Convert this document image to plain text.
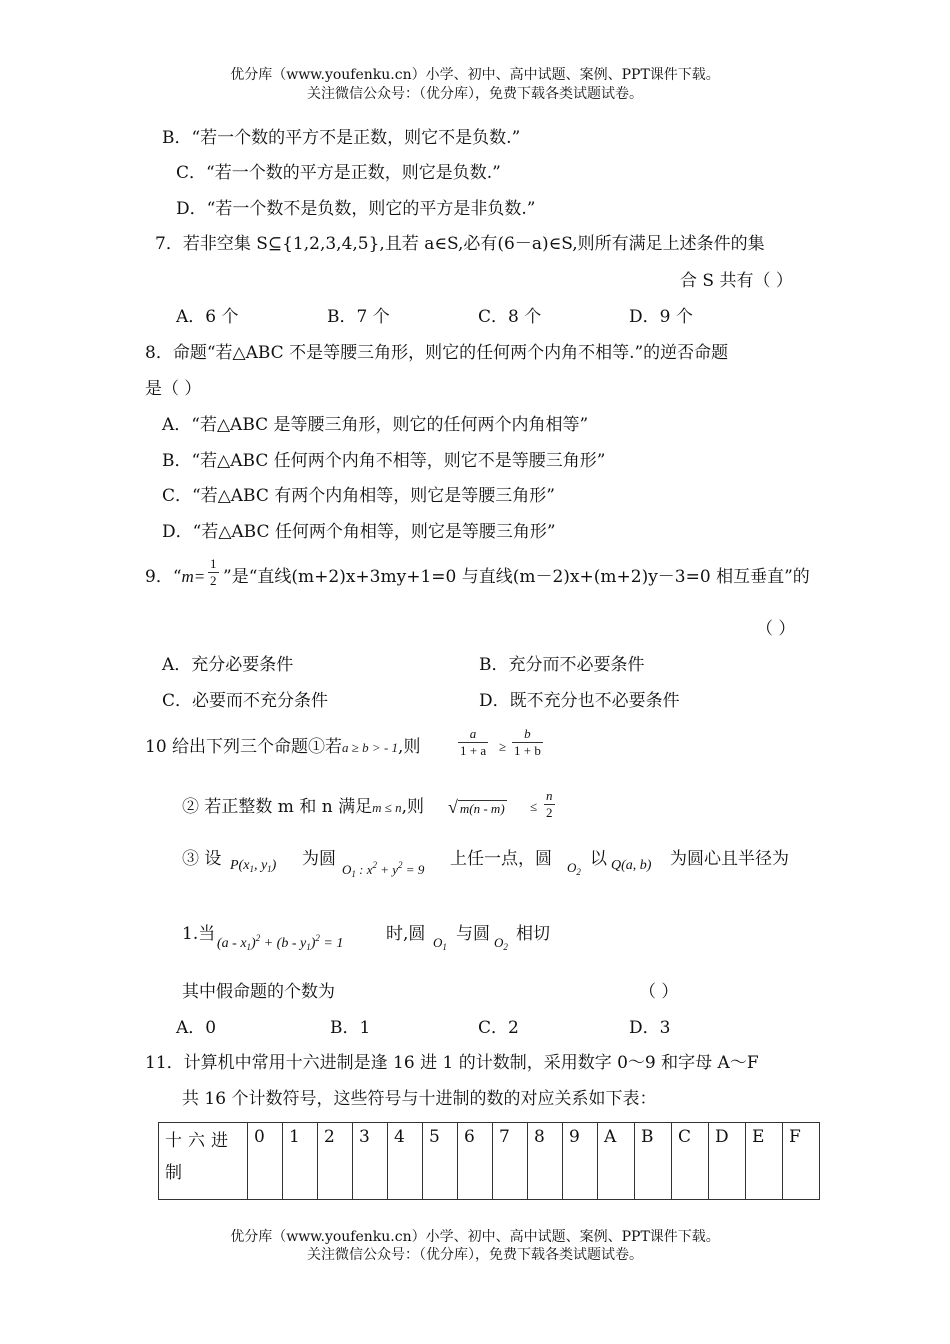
优分库（www.youfenku.cn）小学、初中、高中试题、案例、PPT课件下载。
关注微信公众号：（优分库），免费下载各类试题试卷。
B．“若一个数的平方不是正数，则它不是负数.”
C．“若一个数的平方是正数，则它是负数.”
D．“若一个数不是负数，则它的平方是非负数.”
7．若非空集 S⊆{1,2,3,4,5},且若 a∈S,必有(6－a)∈S,则所有满足上述条件的集
合 S 共有（ ）
A．6 个	B．7 个	C．8 个	D．9 个
8．命题“若△ABC 不是等腰三角形，则它的任何两个内角不相等.”的逆否命题
是（ ）
A．“若△ABC 是等腰三角形，则它的任何两个内角相等”
B．“若△ABC 任何两个内角不相等，则它不是等腰三角形”
C．“若△ABC 有两个内角相等，则它是等腰三角形”
D．“若△ABC 任何两个角相等，则它是等腰三角形”
9．“$m= \frac{1}{2}$ ”是“直线(m+2)x+3my+1=0 与直线(m－2)x+(m+2)y－3=0 相互垂直”的
（ ）
A．充分必要条件	B．充分而不必要条件
C．必要而不充分条件	D．既不充分也不必要条件
10 给出下列三个命题①若a ≥ b > - 1,则	$\frac{a}{1 + a} \ge \frac{b}{1 + b}$
② 若正整数 m 和 n 满足m ≤ n,则 √ $m(n - m) \le \frac{n}{2}$
③ 设 $P(x_1$, $y_1$) 为圆
$O_1$ : $x^2 + y^2 = 9$
上任一点，圆 $O_2$
以 Q(a, b) 为圆心且半径为
1.当 $(a - x_1)^2 + (b - y_1)^2 = 1$	时,圆 $O_1$
与圆 $O_2$
相切
其中假命题的个数为	（ ）
A．0	B．1	C．2	D．3
11．计算机中常用十六进制是逢 16 进 1 的计数制，采用数字 0～9 和字母 A～F
共 16 个计数符号，这些符号与十进制的数的对应关系如下表：
十六进制	0	1	2	3	4	5	6	7	8	9	A	B	C	D	E	F
优分库（www.youfenku.cn）小学、初中、高中试题、案例、PPT课件下载。
关注微信公众号：（优分库），免费下载各类试题试卷。
